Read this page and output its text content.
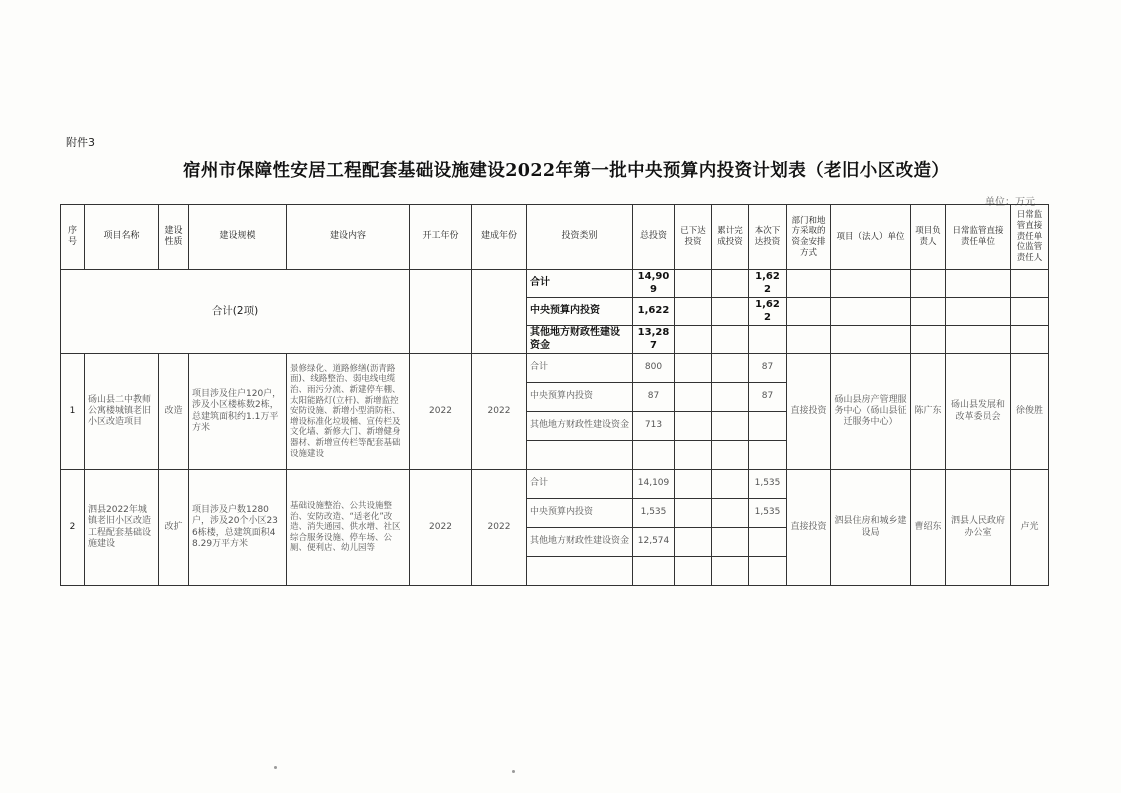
附件3
宿州市保障性安居工程配套基础设施建设2022年第一批中央预算内投资计划表（老旧小区改造）
单位：万元
序号	项目名称	建设性质	建设规模	建设内容	开工年份	建成年份	投资类别	总投资	已下达投资	累计完成投资	本次下达投资	部门和地方采取的资金安排方式	项目（法人）单位	项目负责人	日常监管直接责任单位	日常监管直接责任单位监管责任人
合计(2项)							合计	14,909			1,622					
							中央预算内投资	1,622			1,622					
							其他地方财政性建设资金	13,287								
1	砀山县二中教师公寓楼城镇老旧小区改造项目	改造	项目涉及住户120户，涉及小区楼栋数2栋，总建筑面积约1.1万平方米	景修绿化、道路修缮(沥青路面)、线路整治、弱电线电缆治、雨污分流、新建停车棚、太阳能路灯(立杆)、新增监控安防设施、新增小型消防柜、增设标准化垃圾桶、宣传栏及文化墙、新修大门、新增健身器材、新增宣传栏等配套基础设施建设	2022	2022	合计	800			87	直接投资	砀山县房产管理服务中心（砀山县征迁服务中心）	陈广东	砀山县发展和改革委员会	徐俊胜
							中央预算内投资	87			87					
							其他地方财政性建设资金	713								

2	泗县2022年城镇老旧小区改造工程配套基础设施建设	改扩	项目涉及户数1280户，涉及20个小区236栋楼，总建筑面积48.29万平方米	基础设施整治、公共设施整治、安防改造、“适老化”改造、消失通园、供水增、社区综合服务设施、停车场、公厕、便利店、幼儿园等	2022	2022	合计	14,109			1,535	直接投资	泗县住房和城乡建设局	曹绍东	泗县人民政府办公室	卢光
							中央预算内投资	1,535			1,535					
							其他地方财政性建设资金	12,574								
